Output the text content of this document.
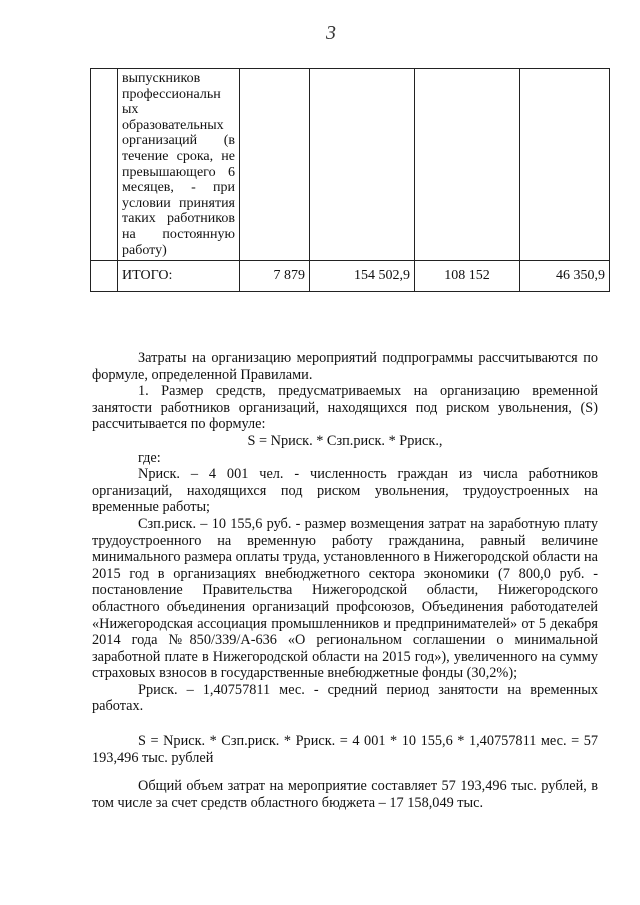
3
	выпускников профессиональн ых образовательных организаций (в течение срока, не превышающего 6 месяцев, - при условии принятия таких работников на постоянную работу)				
	ИТОГО:	7 879	154 502,9	108 152	46 350,9

Затраты на организацию мероприятий подпрограммы рассчитываются по формуле, определенной Правилами.

1. Размер средств, предусматриваемых на организацию временной занятости работников организаций, находящихся под риском увольнения, (S) рассчитывается по формуле:

S = Nриск. * Сзп.риск. * Рриск.,

где:

Nриск. – 4 001 чел. - численность граждан из числа работников организаций, находящихся под риском увольнения, трудоустроенных на временные работы;

Сзп.риск. – 10 155,6 руб. - размер возмещения затрат на заработную плату трудоустроенного на временную работу гражданина, равный величине минимального размера оплаты труда, установленного в Нижегородской области на 2015 год в организациях внебюджетного сектора экономики (7 800,0 руб. - постановление Правительства Нижегородской области, Нижегородского областного объединения организаций профсоюзов, Объединения работодателей «Нижегородская ассоциация промышленников и предпринимателей» от 5 декабря 2014 года №850/339/А-636 «О региональном соглашении о минимальной заработной плате в Нижегородской области на 2015 год»), увеличенного на сумму страховых взносов в государственные внебюджетные фонды (30,2%);

Рриск. – 1,40757811 мес. - средний период занятости на временных работах.

S = Nриск. * Сзп.риск. * Рриск. = 4 001 * 10 155,6 * 1,40757811 мес. = 57 193,496 тыс. рублей

Общий объем затрат на мероприятие составляет 57 193,496 тыс. рублей, в том числе за счет средств областного бюджета – 17 158,049 тыс.
